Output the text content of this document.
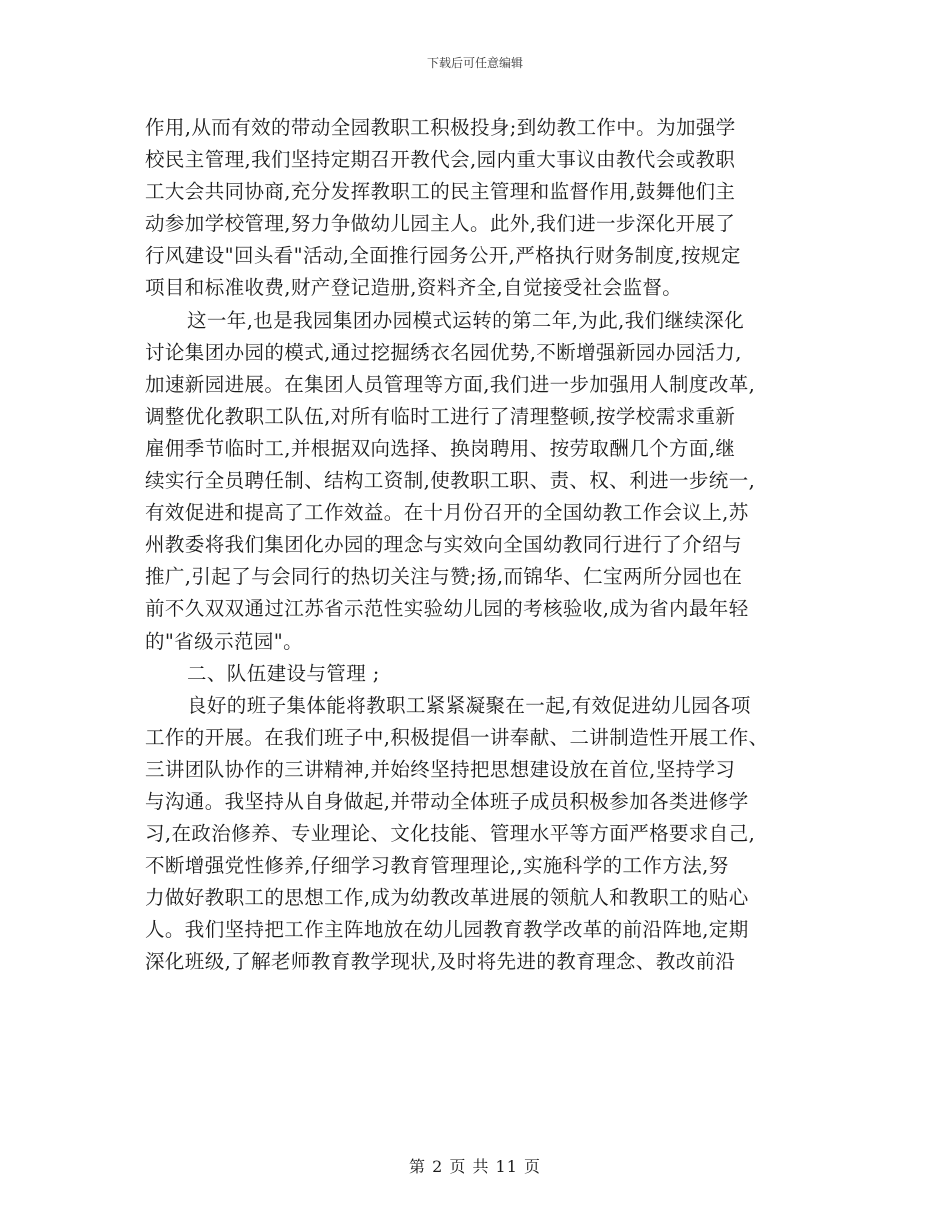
下载后可任意编辑
作用,从而有效的带动全园教职工积极投身;到幼教工作中。为加强学
校民主管理,我们坚持定期召开教代会,园内重大事议由教代会或教职
工大会共同协商,充分发挥教职工的民主管理和监督作用,鼓舞他们主
动参加学校管理,努力争做幼儿园主人。此外,我们进一步深化开展了
行风建设"回头看"活动,全面推行园务公开,严格执行财务制度,按规定
项目和标准收费,财产登记造册,资料齐全,自觉接受社会监督。
这一年,也是我园集团办园模式运转的第二年,为此,我们继续深化
讨论集团办园的模式,通过挖掘绣衣名园优势,不断增强新园办园活力,
加速新园进展。在集团人员管理等方面,我们进一步加强用人制度改革,
调整优化教职工队伍,对所有临时工进行了清理整顿,按学校需求重新
雇佣季节临时工,并根据双向选择、换岗聘用、按劳取酬几个方面,继
续实行全员聘任制、结构工资制,使教职工职、责、权、利进一步统一,
有效促进和提高了工作效益。在十月份召开的全国幼教工作会议上,苏
州教委将我们集团化办园的理念与实效向全国幼教同行进行了介绍与
推广,引起了与会同行的热切关注与赞;扬,而锦华、仁宝两所分园也在
前不久双双通过江苏省示范性实验幼儿园的考核验收,成为省内最年轻
的"省级示范园"。
二、队伍建设与管理 ;
良好的班子集体能将教职工紧紧凝聚在一起,有效促进幼儿园各项
工作的开展。在我们班子中,积极提倡一讲奉献、二讲制造性开展工作、
三讲团队协作的三讲精神,并始终坚持把思想建设放在首位,坚持学习
与沟通。我坚持从自身做起,并带动全体班子成员积极参加各类进修学
习,在政治修养、专业理论、文化技能、管理水平等方面严格要求自己,
不断增强党性修养,仔细学习教育管理理论,,实施科学的工作方法,努
力做好教职工的思想工作,成为幼教改革进展的领航人和教职工的贴心
人。我们坚持把工作主阵地放在幼儿园教育教学改革的前沿阵地,定期
深化班级,了解老师教育教学现状,及时将先进的教育理念、教改前沿
第 2 页 共 11 页
